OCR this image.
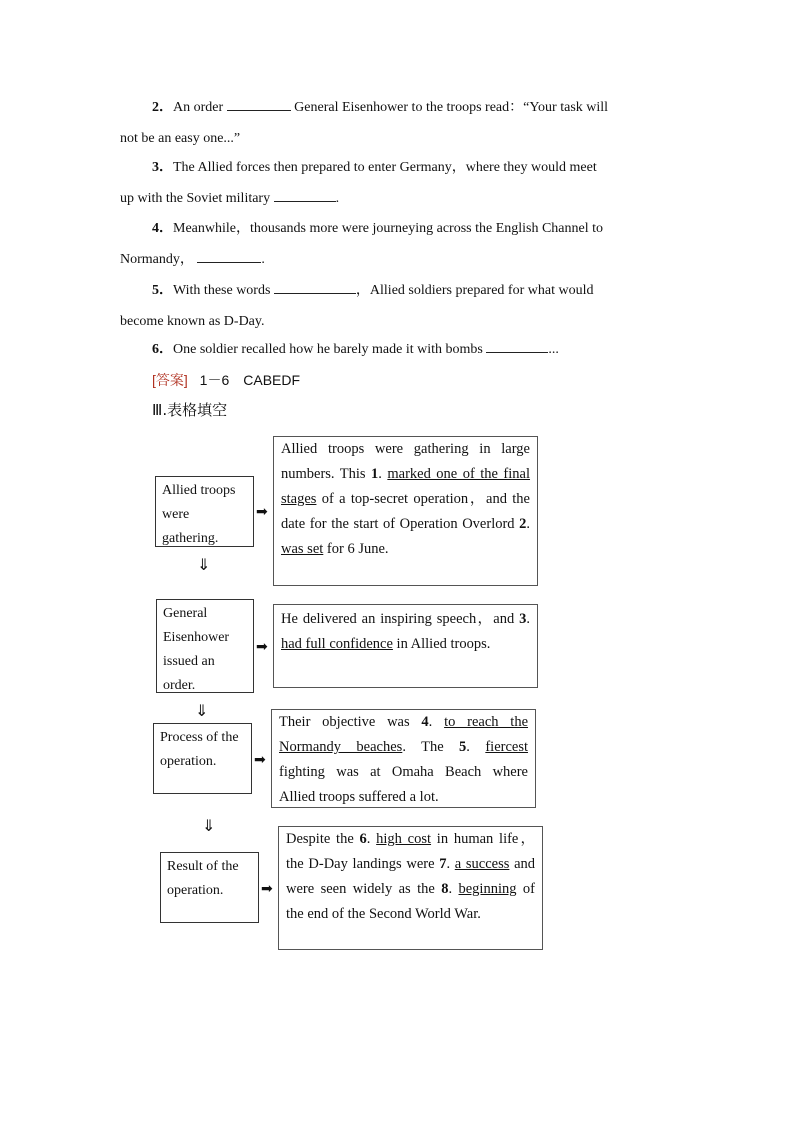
2．An order	General Eisenhower to the troops read：“Your task will
not be an easy one...”
3．The Allied forces then prepared to enter Germany，where they would meet
up with the Soviet military	.
4．Meanwhile，thousands more were journeying across the English Channel to
Normandy，	.
5．With these words	，Allied soldiers prepared for what would
become known as D-Day.
6．One soldier recalled how he barely made it with bombs	...
[答案] 1－6　CABEDF
Ⅲ.表格填空
Allied troops were gathering.
➡
Allied troops were gathering in large numbers. This 1. marked one of the final stages of a top-secret operation，and the date for the start of Operation Overlord 2. was set for 6 June.
⇓
General Eisenhower issued an order.
➡
He delivered an inspiring speech，and 3. had full confidence in Allied troops.
⇓
Process of the operation.	➡
Their objective was 4. to reach the Normandy beaches. The 5. fiercest fighting was at Omaha Beach where Allied troops suffered a lot.
⇓
Result of the operation.	➡
Despite the 6. high cost in human life，the D-Day landings were 7. a success and were seen widely as the 8. beginning of the end of the Second World War.
